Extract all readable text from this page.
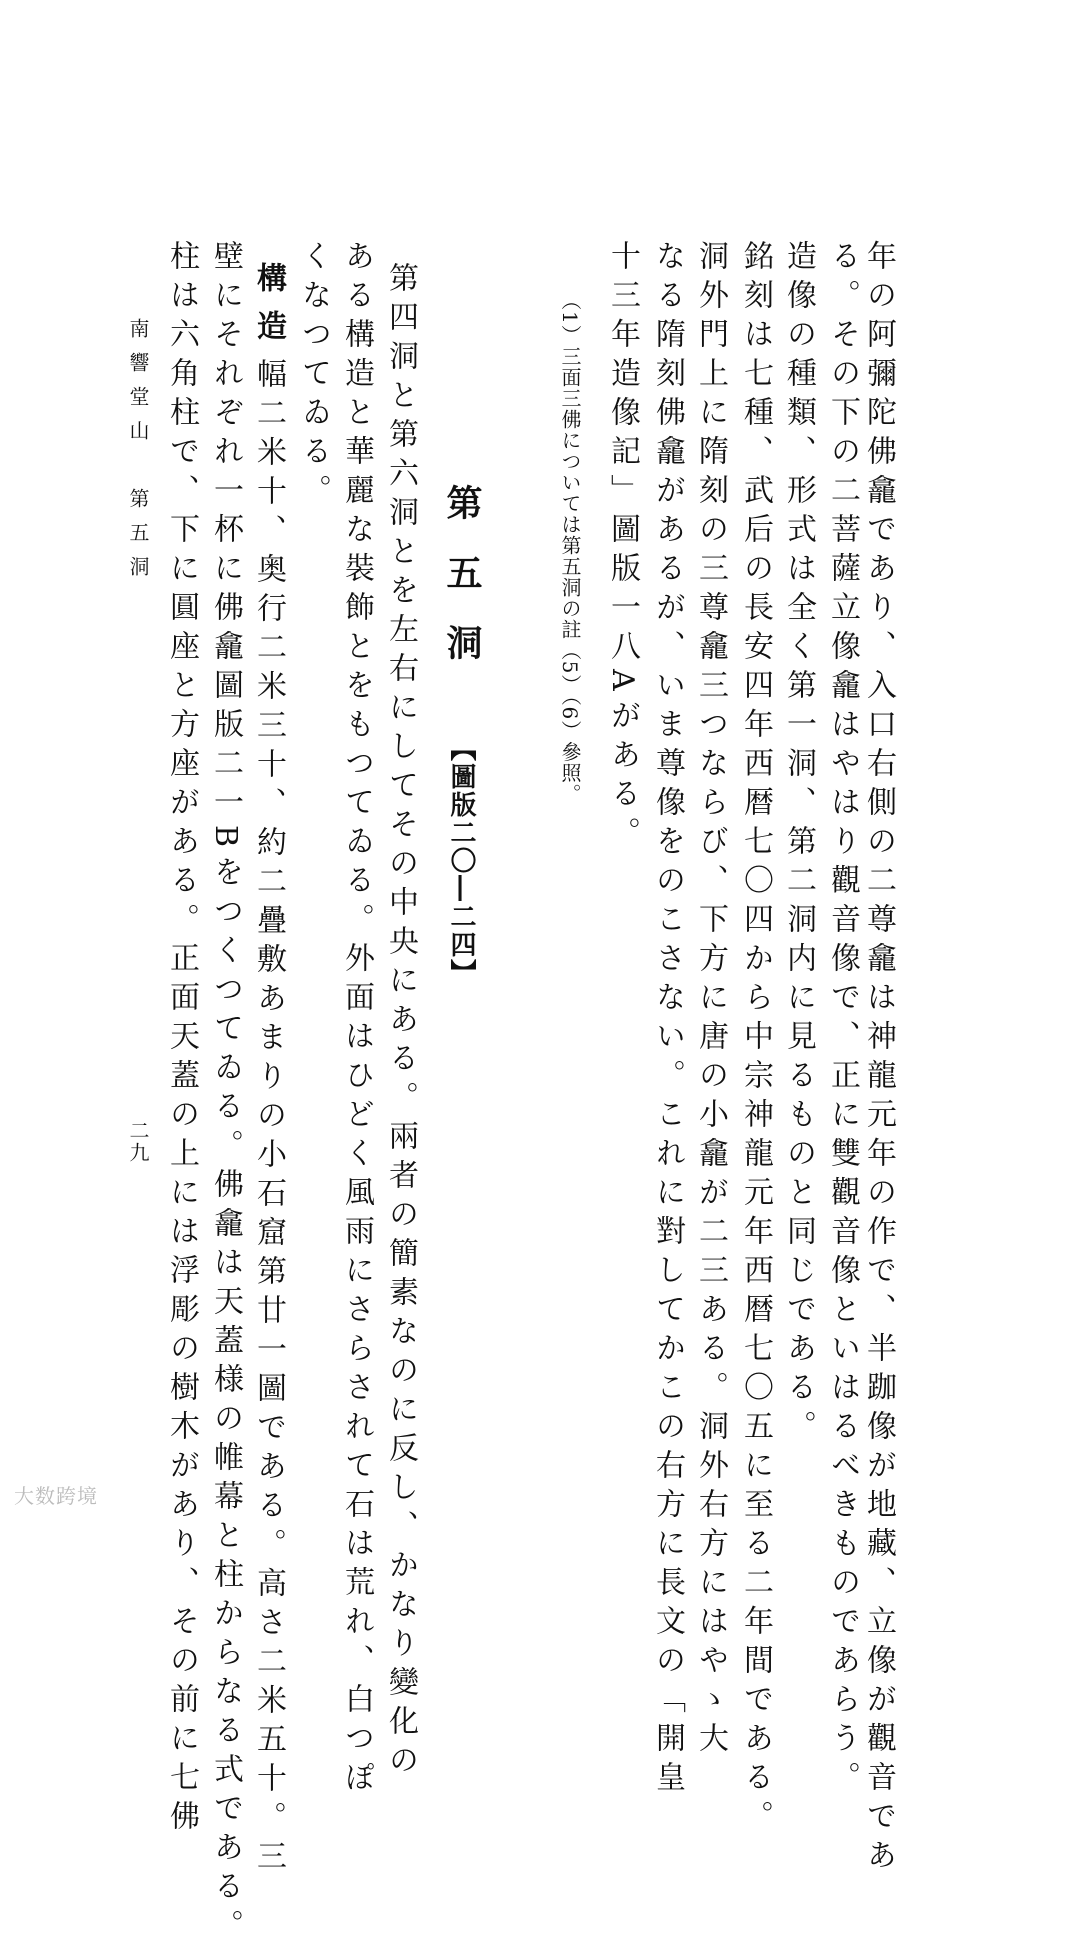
年の阿彌陀佛龕であり、入口右側の二尊龕は神龍元年の作で、半跏像が地藏、立像が觀音であ
る。その下の二菩薩立像龕はやはり觀音像で、正に雙觀音像といはるべきものであらう。
造像の種類、形式は全く第一洞、第二洞内に見るものと同じである。
銘刻は七種、武后の長安四年西暦七〇四から中宗神龍元年西暦七〇五に至る二年間である。
洞外門上に隋刻の三尊龕三つならび、下方に唐の小龕が二三ある。洞外右方にはやゝ大
なる隋刻佛龕があるが、いま尊像をのこさない。これに對してかこの右方に長文の「開皇
十三年造像記」圖版一八Aがある。
（1）三面三佛については第五洞の註（5）（6）參照。
第五洞
【圖版二〇―二四】
第四洞と第六洞とを左右にしてその中央にある。兩者の簡素なのに反し、かなり變化の
ある構造と華麗な裝飾とをもつてゐる。外面はひどく風雨にさらされて石は荒れ、白つぽ
くなつてゐる。
構造幅二米十、奥行二米三十、約二疊敷あまりの小石窟第廿一圖である。高さ二米五十。三
壁にそれぞれ一杯に佛龕圖版二一Bをつくつてゐる。佛龕は天蓋様の帷幕と柱からなる式である。
柱は六角柱で、下に圓座と方座がある。正面天蓋の上には浮彫の樹木があり、その前に七佛
南響堂山　第五洞
二九
大数跨境
